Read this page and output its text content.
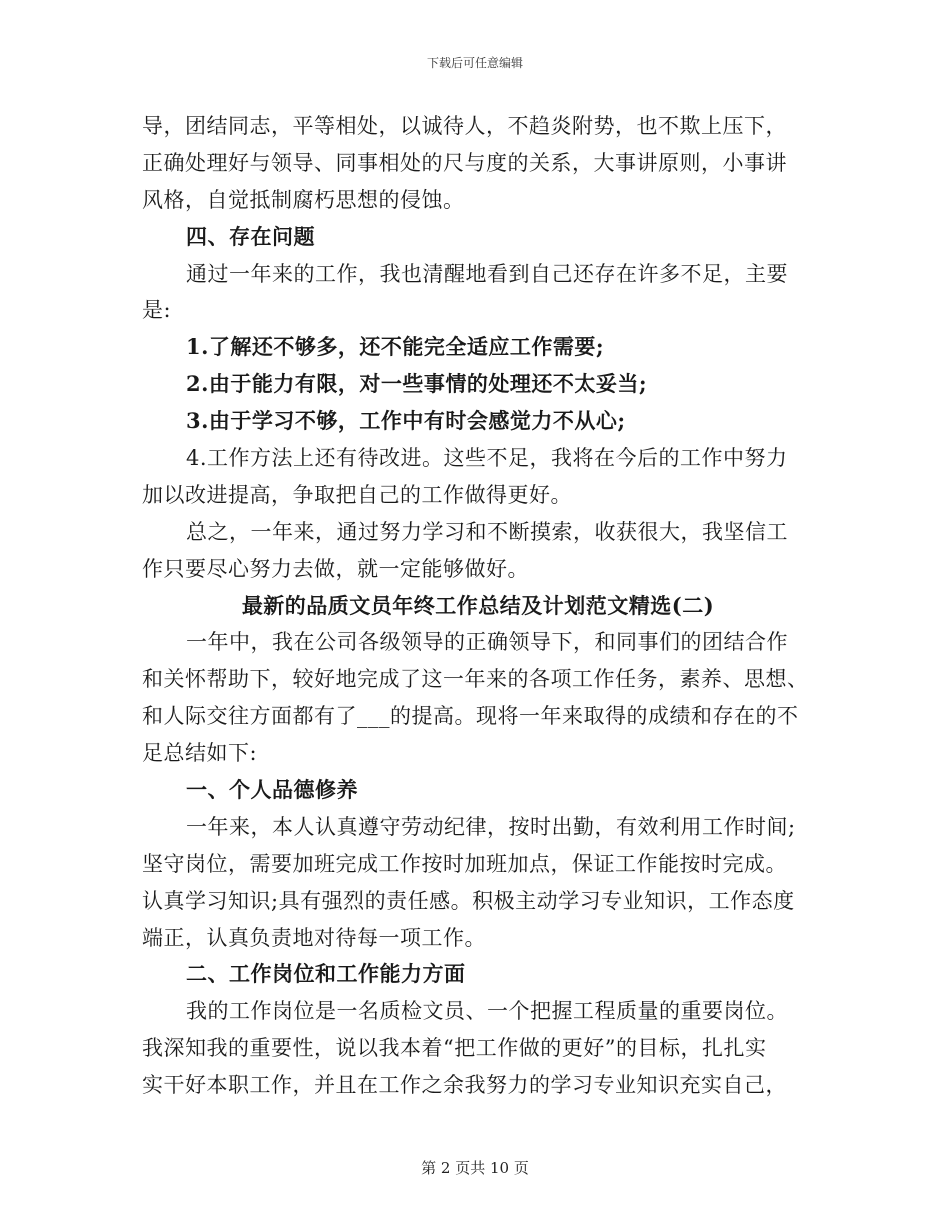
下载后可任意编辑
导，团结同志，平等相处，以诚待人，不趋炎附势，也不欺上压下，
正确处理好与领导、同事相处的尺与度的关系，大事讲原则，小事讲
风格，自觉抵制腐朽思想的侵蚀。
四、存在问题
通过一年来的工作，我也清醒地看到自己还存在许多不足，主要
是:
1.了解还不够多，还不能完全适应工作需要;
2.由于能力有限，对一些事情的处理还不太妥当;
3.由于学习不够，工作中有时会感觉力不从心;
4.工作方法上还有待改进。这些不足，我将在今后的工作中努力
加以改进提高，争取把自己的工作做得更好。
总之，一年来，通过努力学习和不断摸索，收获很大，我坚信工
作只要尽心努力去做，就一定能够做好。
最新的品质文员年终工作总结及计划范文精选(二)
一年中，我在公司各级领导的正确领导下，和同事们的团结合作
和关怀帮助下，较好地完成了这一年来的各项工作任务，素养、思想、
和人际交往方面都有了___的提高。现将一年来取得的成绩和存在的不
足总结如下:
一、个人品德修养
一年来，本人认真遵守劳动纪律，按时出勤，有效利用工作时间;
坚守岗位，需要加班完成工作按时加班加点，保证工作能按时完成。
认真学习知识;具有强烈的责任感。积极主动学习专业知识，工作态度
端正，认真负责地对待每一项工作。
二、工作岗位和工作能力方面
我的工作岗位是一名质检文员、一个把握工程质量的重要岗位。
我深知我的重要性，说以我本着“把工作做的更好”的目标，扎扎实
实干好本职工作，并且在工作之余我努力的学习专业知识充实自己，
第 2 页共 10 页
